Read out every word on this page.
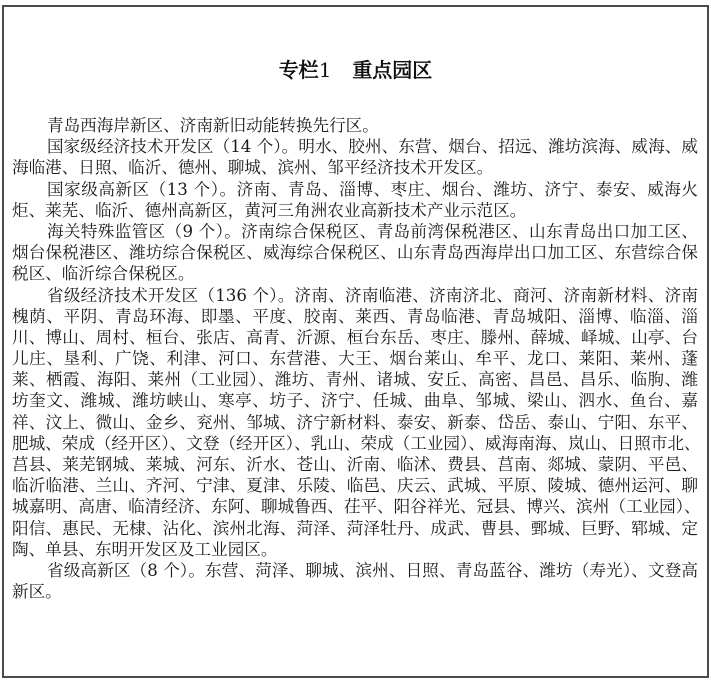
专栏1 重点园区
青岛西海岸新区、济南新旧动能转换先行区。
国家级经济技术开发区（14 个）。明水、胶州、东营、烟台、招远、潍坊滨海、威海、威
海临港、日照、临沂、德州、聊城、滨州、邹平经济技术开发区。
国家级高新区（13 个）。济南、青岛、淄博、枣庄、烟台、潍坊、济宁、泰安、威海火
炬、莱芜、临沂、德州高新区，黄河三角洲农业高新技术产业示范区。
海关特殊监管区（9 个）。济南综合保税区、青岛前湾保税港区、山东青岛出口加工区、
烟台保税港区、潍坊综合保税区、威海综合保税区、山东青岛西海岸出口加工区、东营综合保
税区、临沂综合保税区。
省级经济技术开发区（136 个）。济南、济南临港、济南济北、商河、济南新材料、济南
槐荫、平阴、青岛环海、即墨、平度、胶南、莱西、青岛临港、青岛城阳、淄博、临淄、淄
川、博山、周村、桓台、张店、高青、沂源、桓台东岳、枣庄、滕州、薛城、峄城、山亭、台
儿庄、垦利、广饶、利津、河口、东营港、大王、烟台莱山、牟平、龙口、莱阳、莱州、蓬
莱、栖霞、海阳、莱州（工业园）、潍坊、青州、诸城、安丘、高密、昌邑、昌乐、临朐、潍
坊奎文、潍城、潍坊峡山、寒亭、坊子、济宁、任城、曲阜、邹城、梁山、泗水、鱼台、嘉
祥、汶上、微山、金乡、兖州、邹城、济宁新材料、泰安、新泰、岱岳、泰山、宁阳、东平、
肥城、荣成（经开区）、文登（经开区）、乳山、荣成（工业园）、威海南海、岚山、日照市北、
莒县、莱芜钢城、莱城、河东、沂水、苍山、沂南、临沭、费县、莒南、郯城、蒙阴、平邑、
临沂临港、兰山、齐河、宁津、夏津、乐陵、临邑、庆云、武城、平原、陵城、德州运河、聊
城嘉明、高唐、临清经济、东阿、聊城鲁西、茌平、阳谷祥光、冠县、博兴、滨州（工业园）、
阳信、惠民、无棣、沾化、滨州北海、菏泽、菏泽牡丹、成武、曹县、鄄城、巨野、郓城、定
陶、单县、东明开发区及工业园区。
省级高新区（8 个）。东营、菏泽、聊城、滨州、日照、青岛蓝谷、潍坊（寿光）、文登高
新区。
